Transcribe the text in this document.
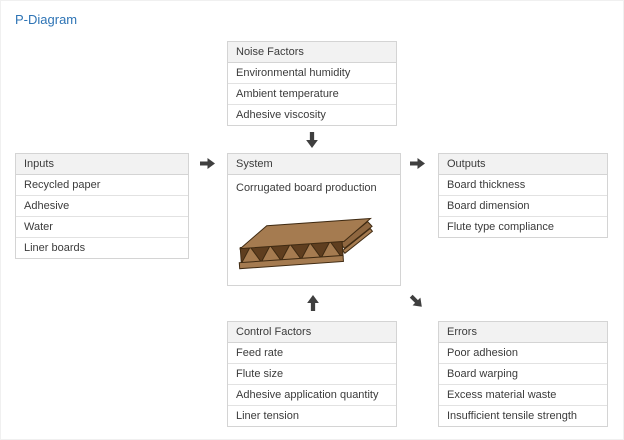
P-Diagram
Noise Factors
Environmental humidity
Ambient temperature
Adhesive viscosity
Inputs
Recycled paper
Adhesive
Water
Liner boards
System
Corrugated board production
Outputs
Board thickness
Board dimension
Flute type compliance
Control Factors
Feed rate
Flute size
Adhesive application quantity
Liner tension
Errors
Poor adhesion
Board warping
Excess material waste
Insufficient tensile strength
